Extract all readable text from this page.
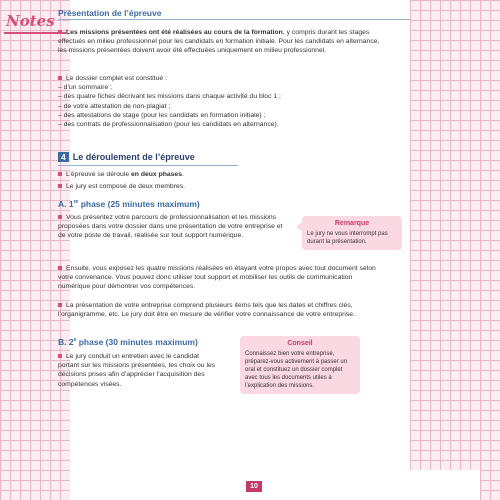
Notes Présentation de l’épreuve
Les missions présentées ont été réalisées au cours de la formation, y compris durant les stages effectués en milieu professionnel pour les candidats en formation initiale. Pour les candidats en alternance, les missions présentées doivent avoir été effectuées uniquement en milieu professionnel.
Le dossier complet est constitué :
– d’un sommaire ;
– des quatre fiches décrivant les missions dans chaque activité du bloc 1 ;
– de votre attestation de non-plagiat ;
– des attestations de stage (pour les candidats en formation initiale) ;
– des contrats de professionnalisation (pour les candidats en alternance).
4 Le déroulement de l’épreuve
L’épreuve se déroule en deux phases.
Le jury est composé de deux membres.
A. 1re phase (25 minutes maximum)
Vous présentez votre parcours de professionnalisation et les missions proposées dans votre dossier dans une présentation de votre entreprise et de votre poste de travail, réalisée sur tout support numérique.
Remarque
Le jury ne vous interrompt pas durant la présentation.
Ensuite, vous exposez les quatre missions réalisées en étayant votre propos avec tout document selon votre convenance. Vous pouvez donc utiliser tout support et mobiliser les outils de communication numérique pour démontrer vos compétences.
La présentation de votre entreprise comprend plusieurs items tels que les dates et chiffres clés, l’organigramme, etc. Le jury doit être en mesure de vérifier votre connaissance de votre entreprise.
B. 2e phase (30 minutes maximum)
Le jury conduit un entretien avec le candidat portant sur les missions présentées, les choix ou les décisions prises afin d’apprécier l’acquisition des compétences visées.
Conseil
Connaissez bien votre entreprise, préparez-vous activement à passer un oral et constituez un dossier complet avec tous les documents utiles à l’explication des missions.
10
